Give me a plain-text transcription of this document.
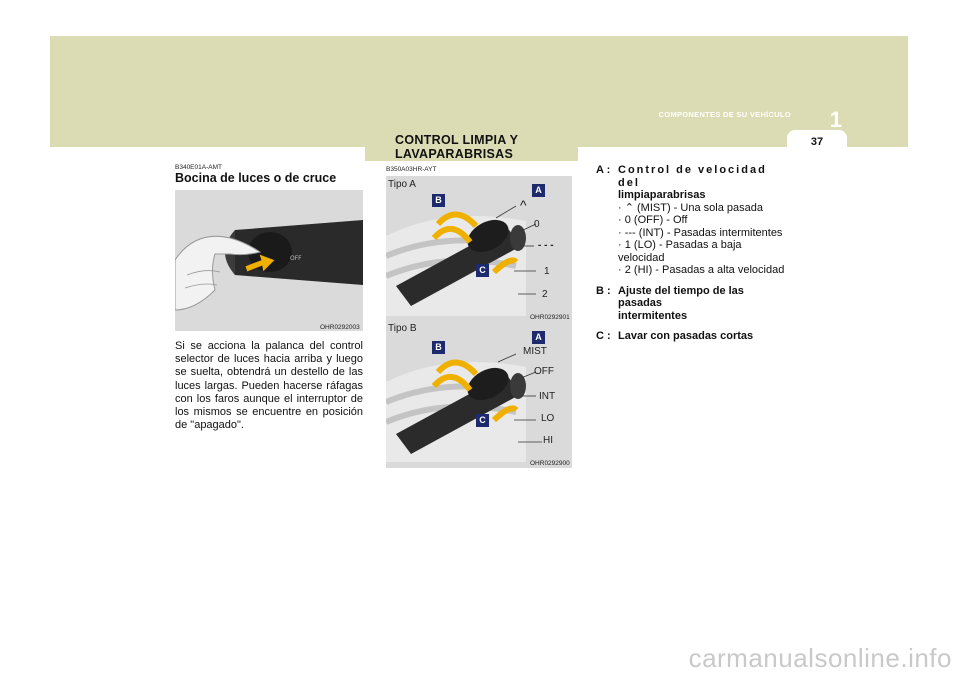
1
COMPONENTES DE SU VEHÍCULO
37
CONTROL LIMPIA Y LAVAPARABRISAS
B340E01A-AMT
Bocina de luces o de cruce
OFF
OHR0292003
Si se acciona la palanca del control selector de luces hacia arriba y luego se suelta, obtendrá un destello de las luces largas. Pueden hacerse ráfagas con los faros aunque el interruptor de los mismos se encuentre en posición de "apagado".
B350A03HR-AYT
Tipo A	A
B
C
^
0
- - -
1
2
OHR0292901
Tipo B
A
B
C
MIST
OFF
INT
LO
HI
OHR0292900
A : Control de velocidad del
limpiaparabrisas
· ⌃ (MIST) - Una sola pasada
· 0 (OFF) - Off
· --- (INT) - Pasadas intermitentes
· 1 (LO) - Pasadas a baja velocidad
· 2 (HI) - Pasadas a alta velocidad
B : Ajuste del tiempo de las pasadas
intermitentes
C : Lavar con pasadas cortas
carmanualsonline.info
